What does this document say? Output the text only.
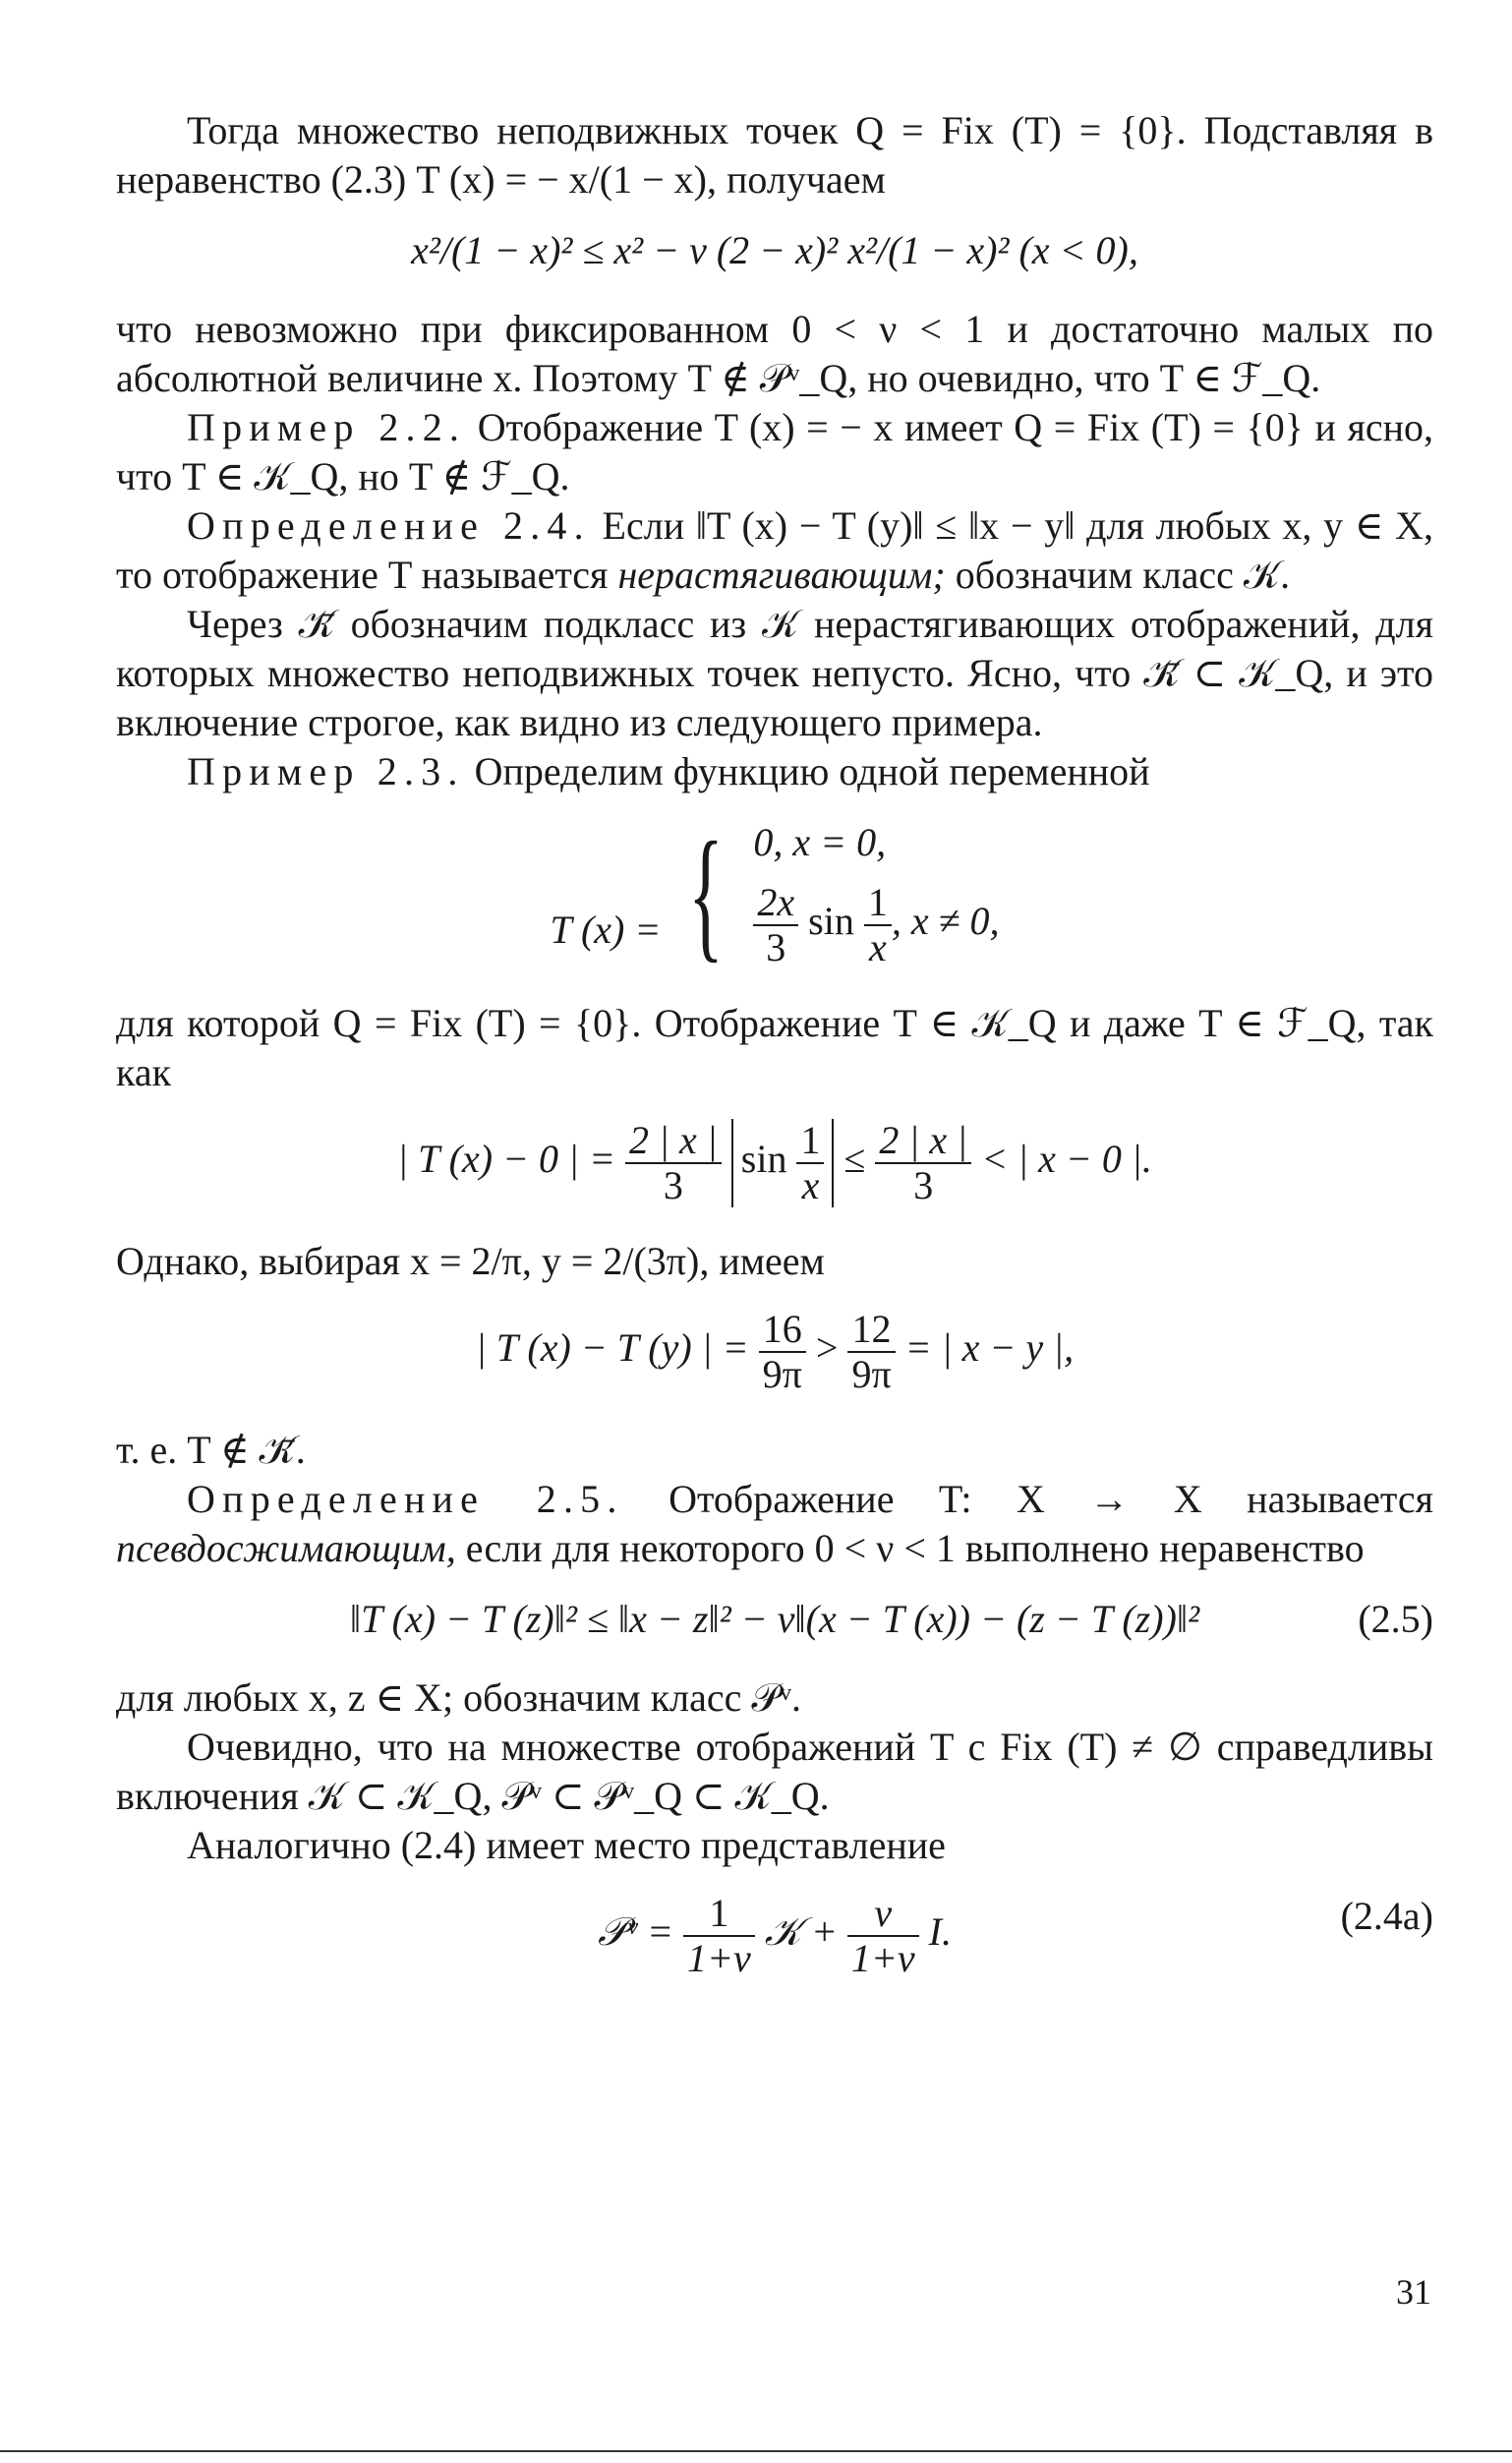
Тогда множество неподвижных точек Q = Fix (T) = {0}. Подставляя в неравенство (2.3) T (x) = − x/(1 − x), получаем

x²/(1 − x)² ≤ x² − ν (2 − x)² x²/(1 − x)² (x < 0),

что невозможно при фиксированном 0 < ν < 1 и достаточно малых по абсолютной величине x. Поэтому T ∉ 𝒫ᵛ_Q, но очевидно, что T ∈ ℱ_Q.

Пример 2.2. Отображение T (x) = − x имеет Q = Fix (T) = {0} и ясно, что T ∈ 𝒦_Q, но T ∉ ℱ_Q.

Определение 2.4. Если ‖T (x) − T (y)‖ ≤ ‖x − y‖ для любых x, y ∈ X, то отображение T называется нерастягивающим; обозначим класс 𝒦.

Через 𝒦̄ обозначим подкласс из 𝒦 нерастягивающих отображений, для которых множество неподвижных точек непусто. Ясно, что 𝒦̄ ⊂ 𝒦_Q, и это включение строгое, как видно из следующего примера.

Пример 2.3. Определим функцию одной переменной

T (x) = { 0, x = 0,
$\frac{2x}{3}$ $\sin \frac{1}{x}$ , x ≠ 0,

для которой Q = Fix (T) = {0}. Отображение T ∈ 𝒦_Q и даже T ∈ ℱ_Q, так как

| T (x) − 0 | = $\frac{2 | x |}{3}$ $\sin \frac{1}{x} \le \frac{2 | x |}{3}$ < | x − 0 |.

Однако, выбирая x = 2/π, y = 2/(3π), имеем

| T (x) − T (y) | = $\frac{16}{9\pi} > \frac{12}{9\pi}$ = | x − y |,

т. е. T ∉ 𝒦̄.

Определение 2.5. Отображение T: X → X называется псевдосжимающим, если для некоторого 0 < ν < 1 выполнено неравенство

‖T (x) − T (z)‖² ≤ ‖x − z‖² − ν‖(x − T (x)) − (z − T (z))‖²	(2.5)

для любых x, z ∈ X; обозначим класс 𝒫ᵛ.

Очевидно, что на множестве отображений T с Fix (T) ≠ ∅ справедливы включения 𝒦 ⊂ 𝒦_Q, 𝒫ᵛ ⊂ 𝒫ᵛ_Q ⊂ 𝒦_Q.

Аналогично (2.4) имеет место представление

𝒫ᵛ = $\frac{1}{1+\nu}$ 𝒦 + $\frac{\nu}{1+\nu} I$.	(2.4a)
31
